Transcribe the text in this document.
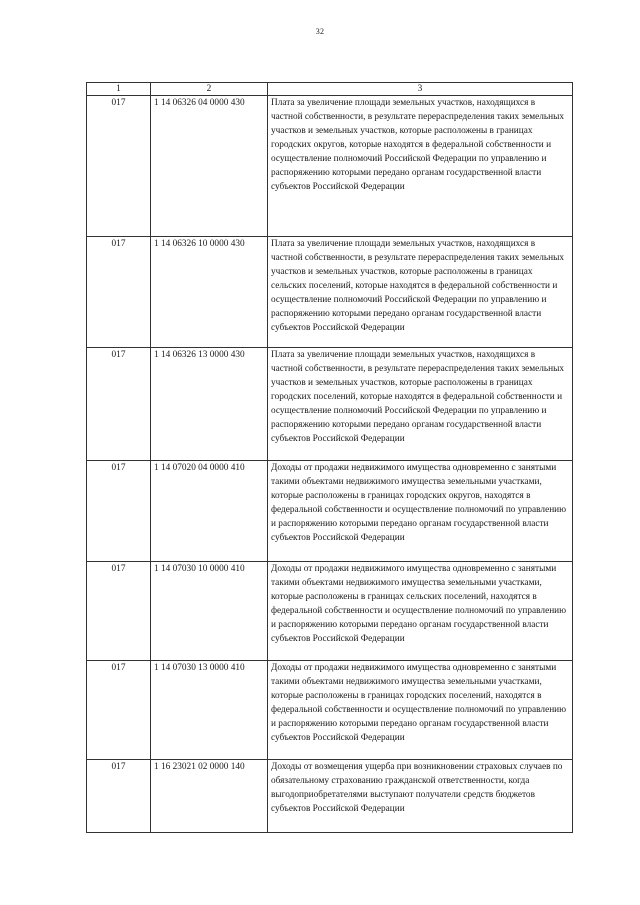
32
1	2	3
017	1 14 06326 04 0000 430	Плата за увеличение площади земельных участков, находящихся в частной собственности, в результате перераспределения таких земельных участков и земельных участков, которые расположены в границах городских округов, которые находятся в федеральной собственности и осуществление полномочий Российской Федерации по управлению и распоряжению которыми передано органам государственной власти субъектов Российской Федерации
017	1 14 06326 10 0000 430	Плата за увеличение площади земельных участков, находящихся в частной собственности, в результате перераспределения таких земельных участков и земельных участков, которые расположены в границах сельских поселений, которые находятся в федеральной собственности и осуществление полномочий Российской Федерации по управлению и распоряжению которыми передано органам государственной власти субъектов Российской Федерации
017	1 14 06326 13 0000 430	Плата за увеличение площади земельных участков, находящихся в частной собственности, в результате перераспределения таких земельных участков и земельных участков, которые расположены в границах городских поселений, которые находятся в федеральной собственности и осуществление полномочий Российской Федерации по управлению и распоряжению которыми передано органам государственной власти субъектов Российской Федерации
017	1 14 07020 04 0000 410	Доходы от продажи недвижимого имущества одновременно с занятыми такими объектами недвижимого имущества земельными участками, которые расположены в границах городских округов, находятся в федеральной собственности и осуществление полномочий по управлению и распоряжению которыми передано органам государственной власти субъектов Российской Федерации
017	1 14 07030 10 0000 410	Доходы от продажи недвижимого имущества одновременно с занятыми такими объектами недвижимого имущества земельными участками, которые расположены в границах сельских поселений, находятся в федеральной собственности и осуществление полномочий по управлению и распоряжению которыми передано органам государственной власти субъектов Российской Федерации
017	1 14 07030 13 0000 410	Доходы от продажи недвижимого имущества одновременно с занятыми такими объектами недвижимого имущества земельными участками, которые расположены в границах городских поселений, находятся в федеральной собственности и осуществление полномочий по управлению и распоряжению которыми передано органам государственной власти субъектов Российской Федерации
017	1 16 23021 02 0000 140	Доходы от возмещения ущерба при возникновении страховых случаев по обязательному страхованию гражданской ответственности, когда выгодоприобретателями выступают получатели средств бюджетов субъектов Российской Федерации
